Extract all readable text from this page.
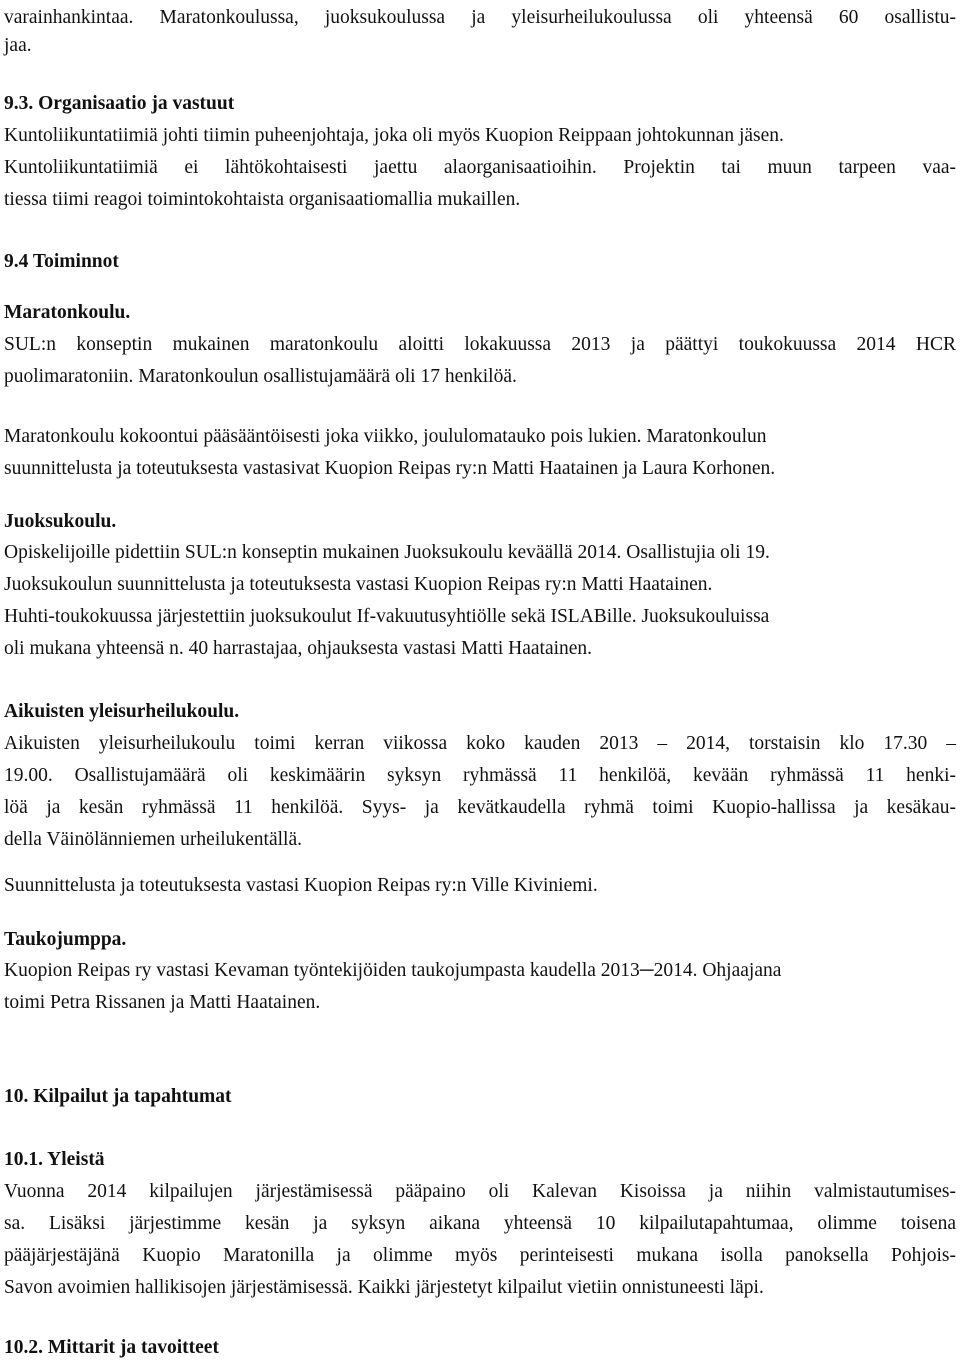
varainhankintaa. Maratonkoulussa, juoksukoulussa ja yleisurheilukoulussa oli yhteensä 60 osallistu-

jaa.

9.3. Organisaatio ja vastuut

Kuntoliikuntatiimiä johti tiimin puheenjohtaja, joka oli myös Kuopion Reippaan johtokunnan jäsen.

Kuntoliikuntatiimiä ei lähtökohtaisesti jaettu alaorganisaatioihin. Projektin tai muun tarpeen vaa-

tiessa tiimi reagoi toimintokohtaista organisaatiomallia mukaillen.

9.4 Toiminnot

Maratonkoulu.

SUL:n konseptin mukainen maratonkoulu aloitti lokakuussa 2013 ja päättyi toukokuussa 2014 HCR

puolimaratoniin. Maratonkoulun osallistujamäärä oli 17 henkilöä.

Maratonkoulu kokoontui pääsääntöisesti joka viikko, joululomatauko pois lukien. Maratonkoulun

suunnittelusta ja toteutuksesta vastasivat Kuopion Reipas ry:n Matti Haatainen ja Laura Korhonen.

Juoksukoulu.

Opiskelijoille pidettiin SUL:n konseptin mukainen Juoksukoulu keväällä 2014. Osallistujia oli 19.

Juoksukoulun suunnittelusta ja toteutuksesta vastasi Kuopion Reipas ry:n Matti Haatainen.

Huhti-toukokuussa järjestettiin juoksukoulut If-vakuutusyhtiölle sekä ISLABille. Juoksukouluissa

oli mukana yhteensä n. 40 harrastajaa, ohjauksesta vastasi Matti Haatainen.

Aikuisten yleisurheilukoulu.

Aikuisten yleisurheilukoulu toimi kerran viikossa koko kauden 2013 – 2014, torstaisin klo 17.30 –

19.00. Osallistujamäärä oli keskimäärin syksyn ryhmässä 11 henkilöä, kevään ryhmässä 11 henki-

löä ja kesän ryhmässä 11 henkilöä. Syys- ja kevätkaudella ryhmä toimi Kuopio-hallissa ja kesäkau-

della Väinölänniemen urheilukentällä.

Suunnittelusta ja toteutuksesta vastasi Kuopion Reipas ry:n Ville Kiviniemi.

Taukojumppa.

Kuopion Reipas ry vastasi Kevaman työntekijöiden taukojumpasta kaudella 2013─2014. Ohjaajana

toimi Petra Rissanen ja Matti Haatainen.

10. Kilpailut ja tapahtumat

10.1. Yleistä

Vuonna 2014 kilpailujen järjestämisessä pääpaino oli Kalevan Kisoissa ja niihin valmistautumises-

sa. Lisäksi järjestimme kesän ja syksyn aikana yhteensä 10 kilpailutapahtumaa, olimme toisena

pääjärjestäjänä Kuopio Maratonilla ja olimme myös perinteisesti mukana isolla panoksella Pohjois-

Savon avoimien hallikisojen järjestämisessä. Kaikki järjestetyt kilpailut vietiin onnistuneesti läpi.

10.2. Mittarit ja tavoitteet
